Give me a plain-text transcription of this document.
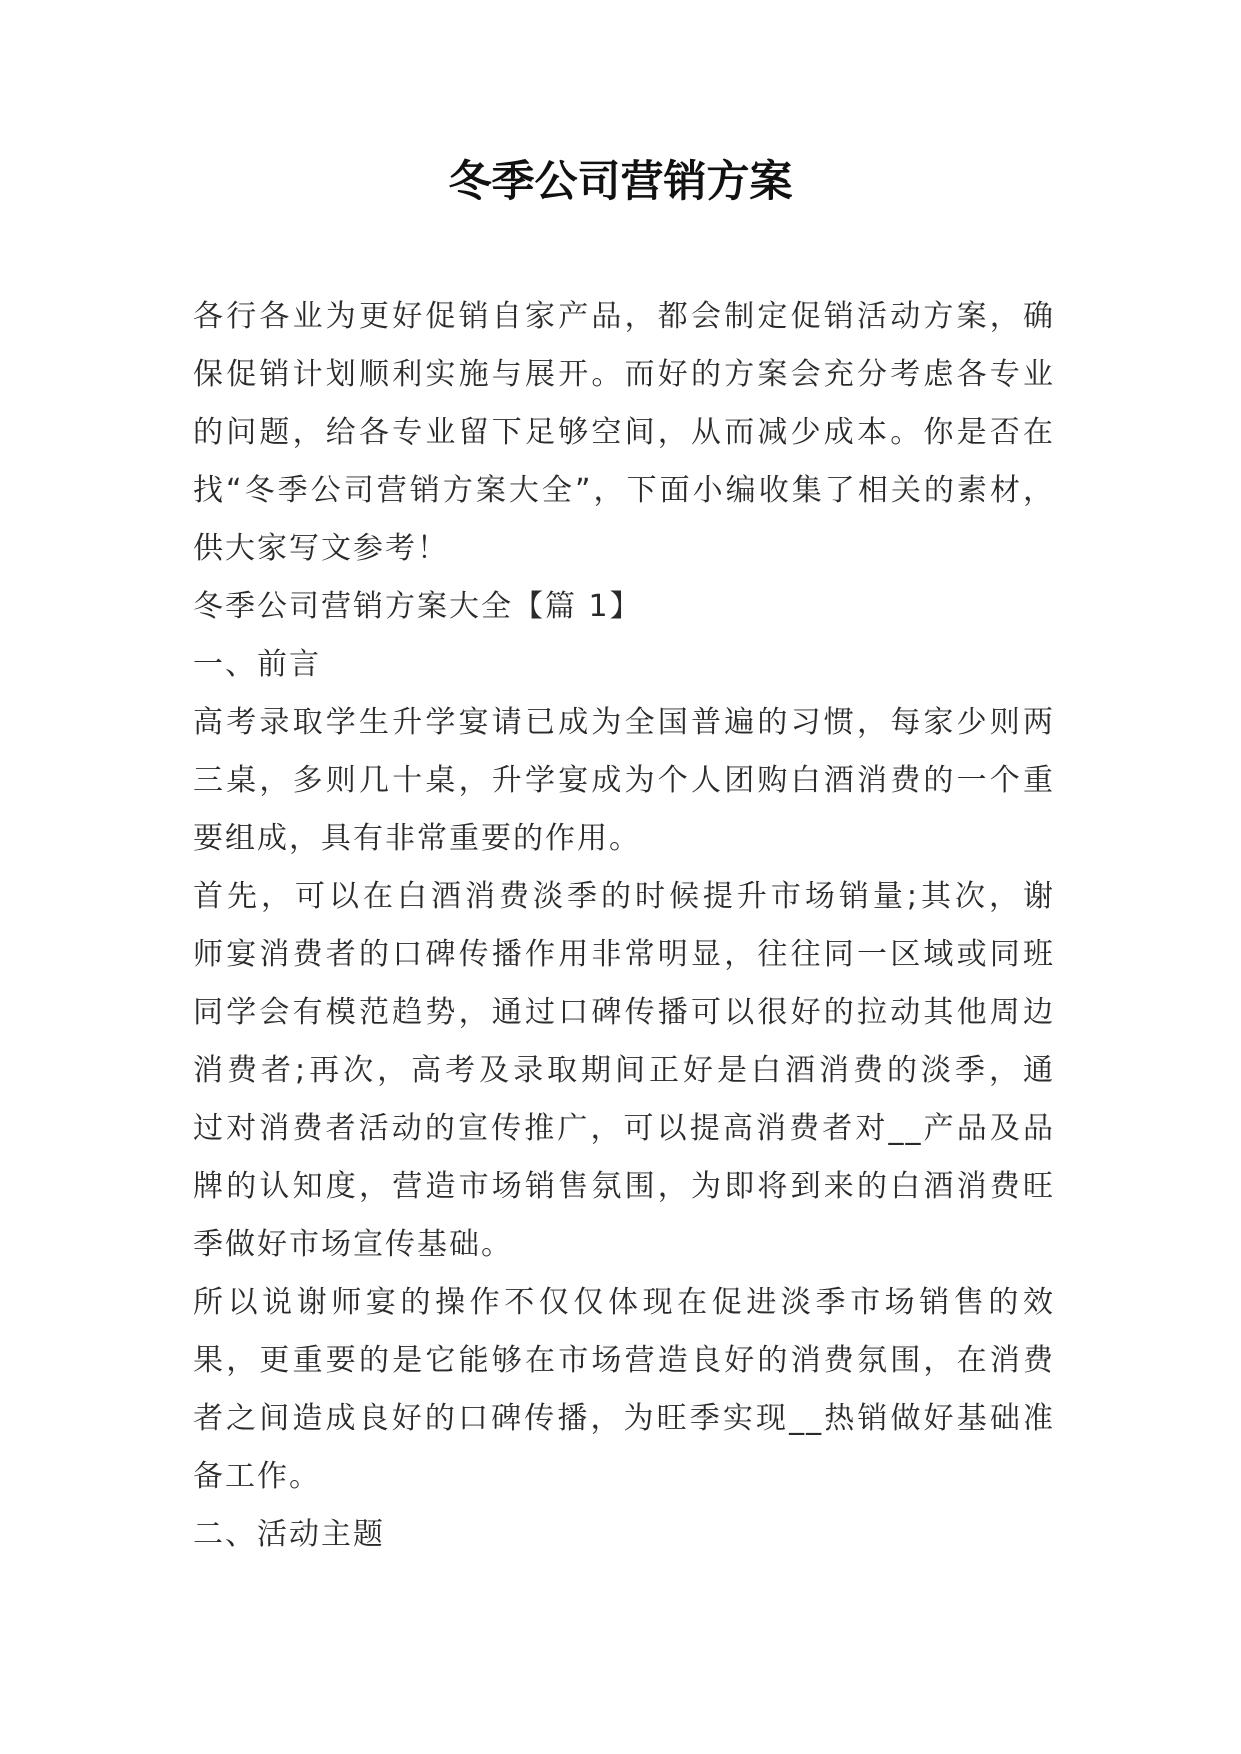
冬季公司营销方案
各行各业为更好促销自家产品，都会制定促销活动方案，确
保促销计划顺利实施与展开。而好的方案会充分考虑各专业
的问题，给各专业留下足够空间，从而减少成本。你是否在
找“冬季公司营销方案大全”，下面小编收集了相关的素材，
供大家写文参考！
冬季公司营销方案大全【篇 1】
一、前言
高考录取学生升学宴请已成为全国普遍的习惯，每家少则两
三桌，多则几十桌，升学宴成为个人团购白酒消费的一个重
要组成，具有非常重要的作用。
首先，可以在白酒消费淡季的时候提升市场销量;其次，谢
师宴消费者的口碑传播作用非常明显，往往同一区域或同班
同学会有模范趋势，通过口碑传播可以很好的拉动其他周边
消费者;再次，高考及录取期间正好是白酒消费的淡季，通
过对消费者活动的宣传推广，可以提高消费者对__产品及品
牌的认知度，营造市场销售氛围，为即将到来的白酒消费旺
季做好市场宣传基础。
所以说谢师宴的操作不仅仅体现在促进淡季市场销售的效
果，更重要的是它能够在市场营造良好的消费氛围，在消费
者之间造成良好的口碑传播，为旺季实现__热销做好基础准
备工作。
二、活动主题
